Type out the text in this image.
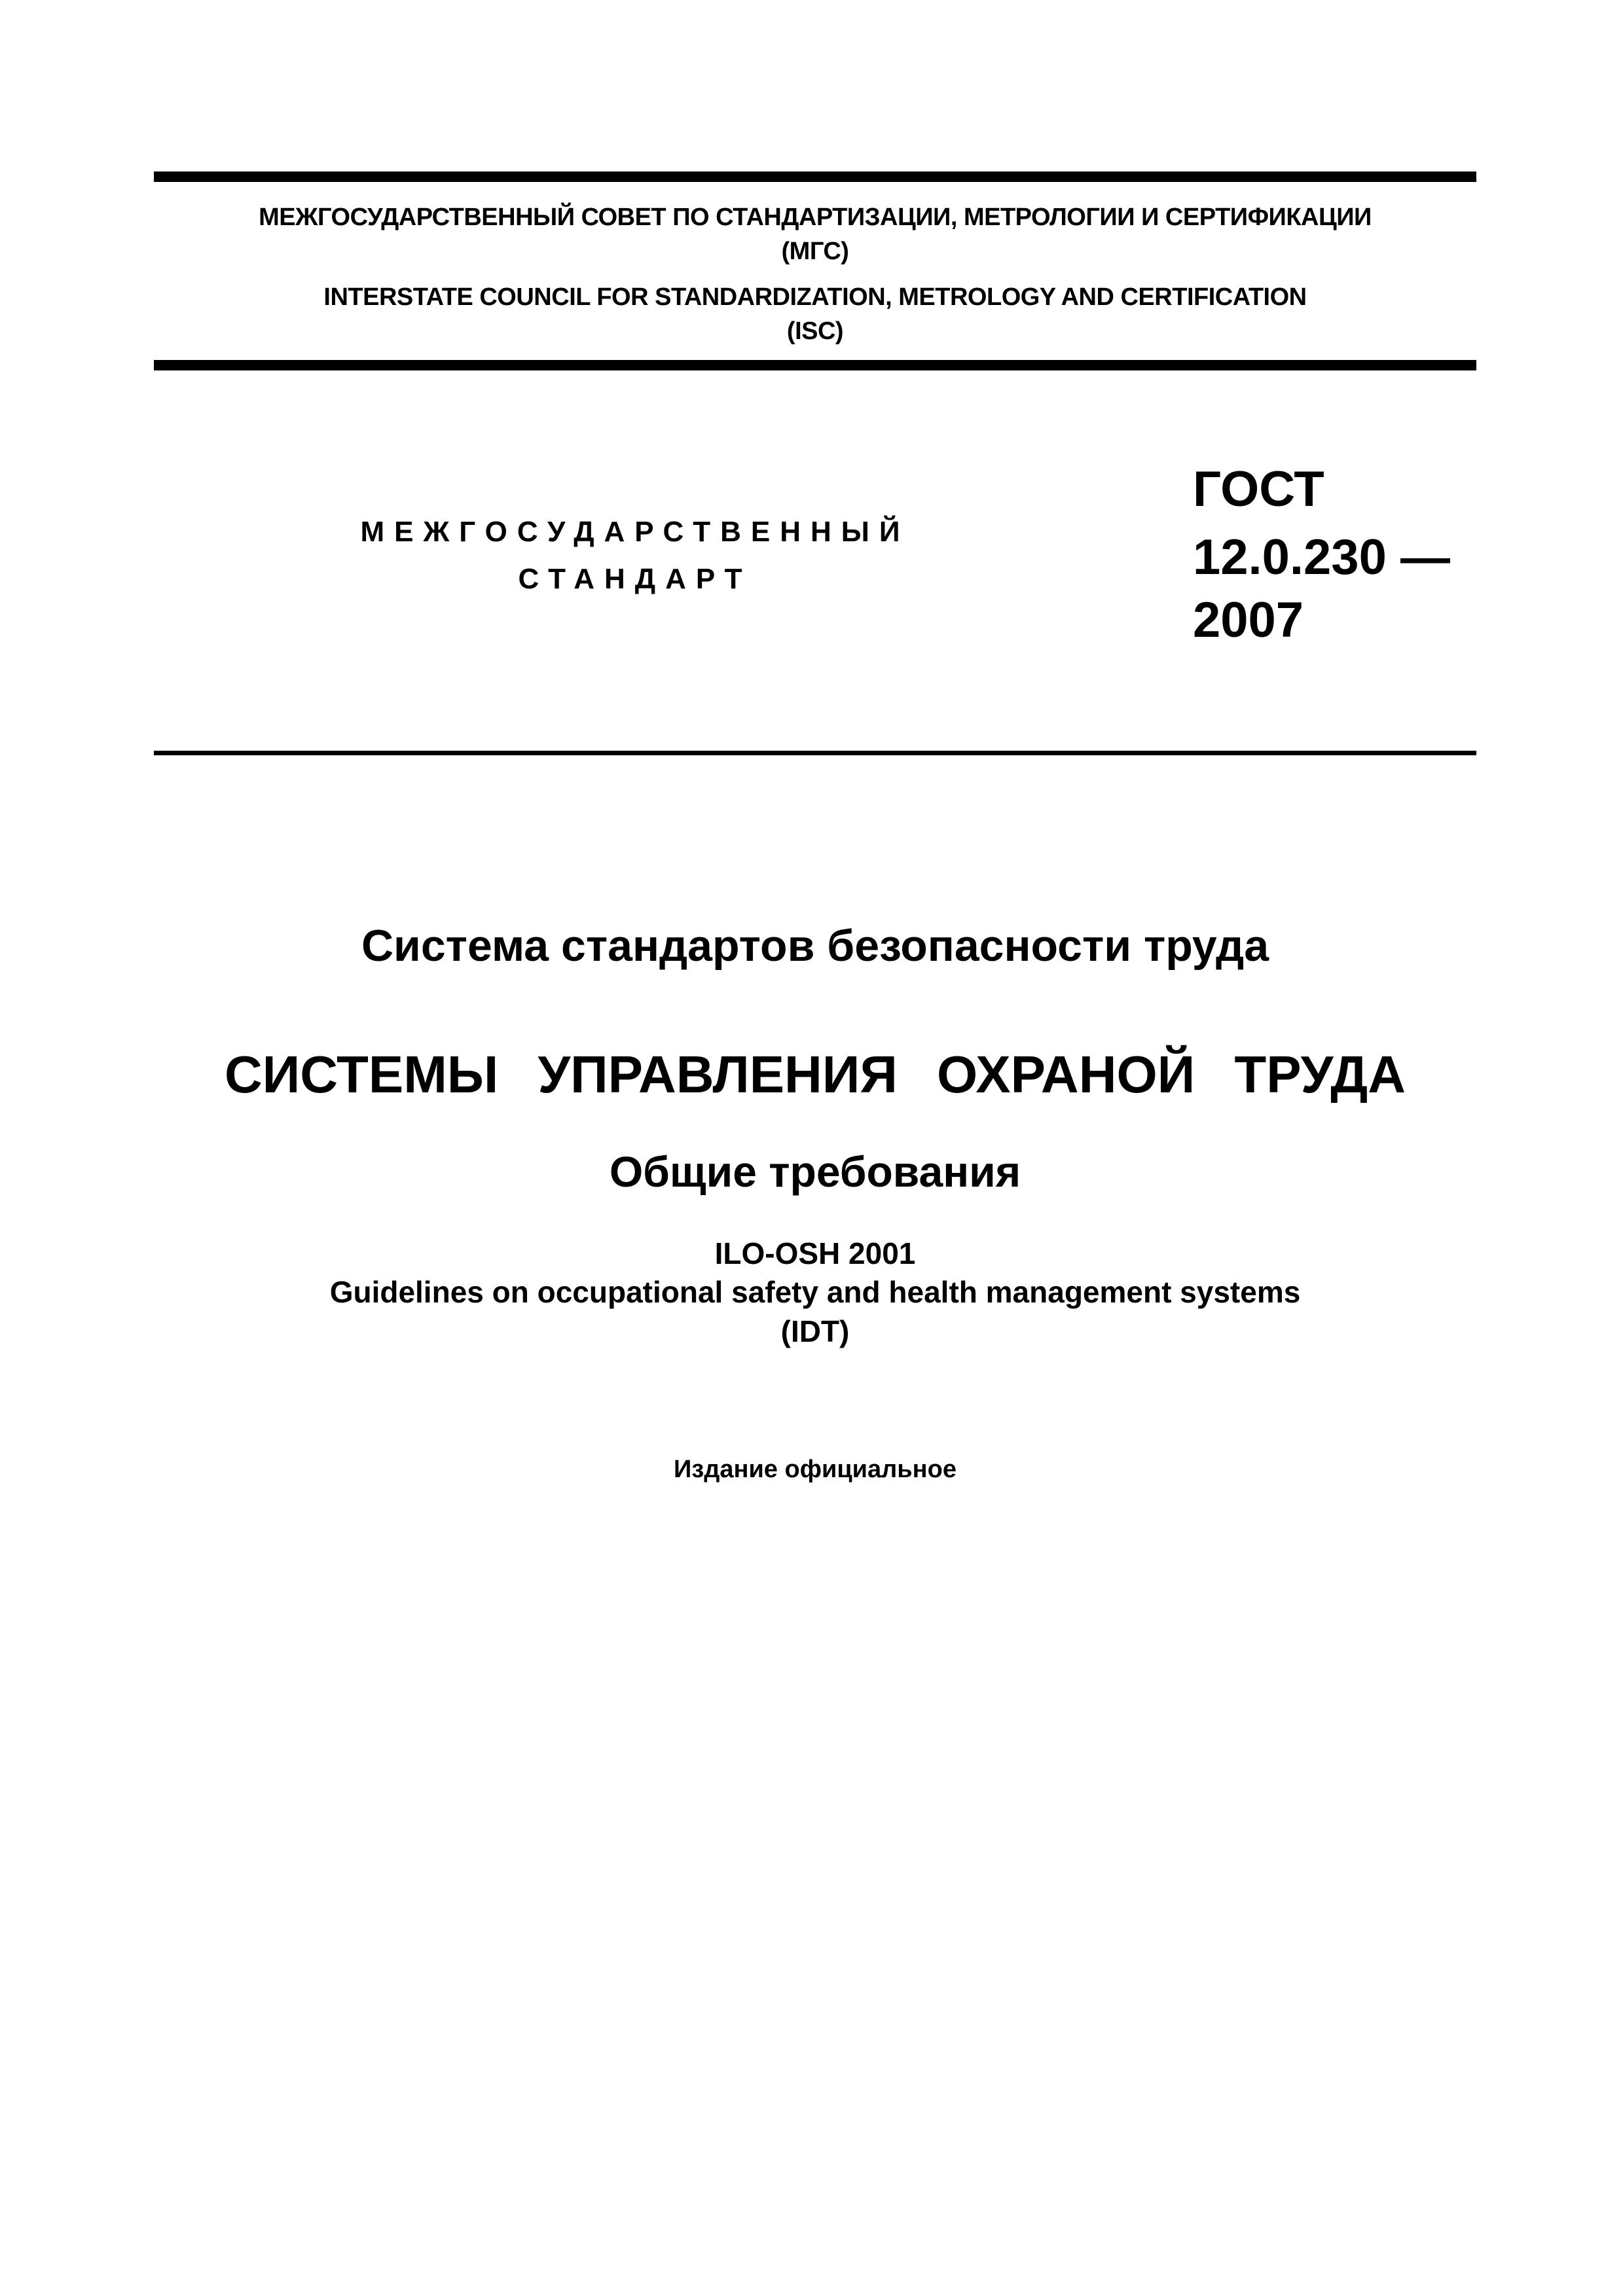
МЕЖГОСУДАРСТВЕННЫЙ СОВЕТ ПО СТАНДАРТИЗАЦИИ, МЕТРОЛОГИИ И СЕРТИФИКАЦИИ
(МГС)
INTERSTATE COUNCIL FOR STANDARDIZATION, METROLOGY AND CERTIFICATION
(ISC)
МЕЖГОСУДАРСТВЕННЫЙ
СТАНДАРТ
ГОСТ
12.0.230 —
2007
Система стандартов безопасности труда
СИСТЕМЫ УПРАВЛЕНИЯ ОХРАНОЙ ТРУДА
Общие требования
ILO-OSH 2001
Guidelines on occupational safety and health management systems
(IDT)
Издание официальное
